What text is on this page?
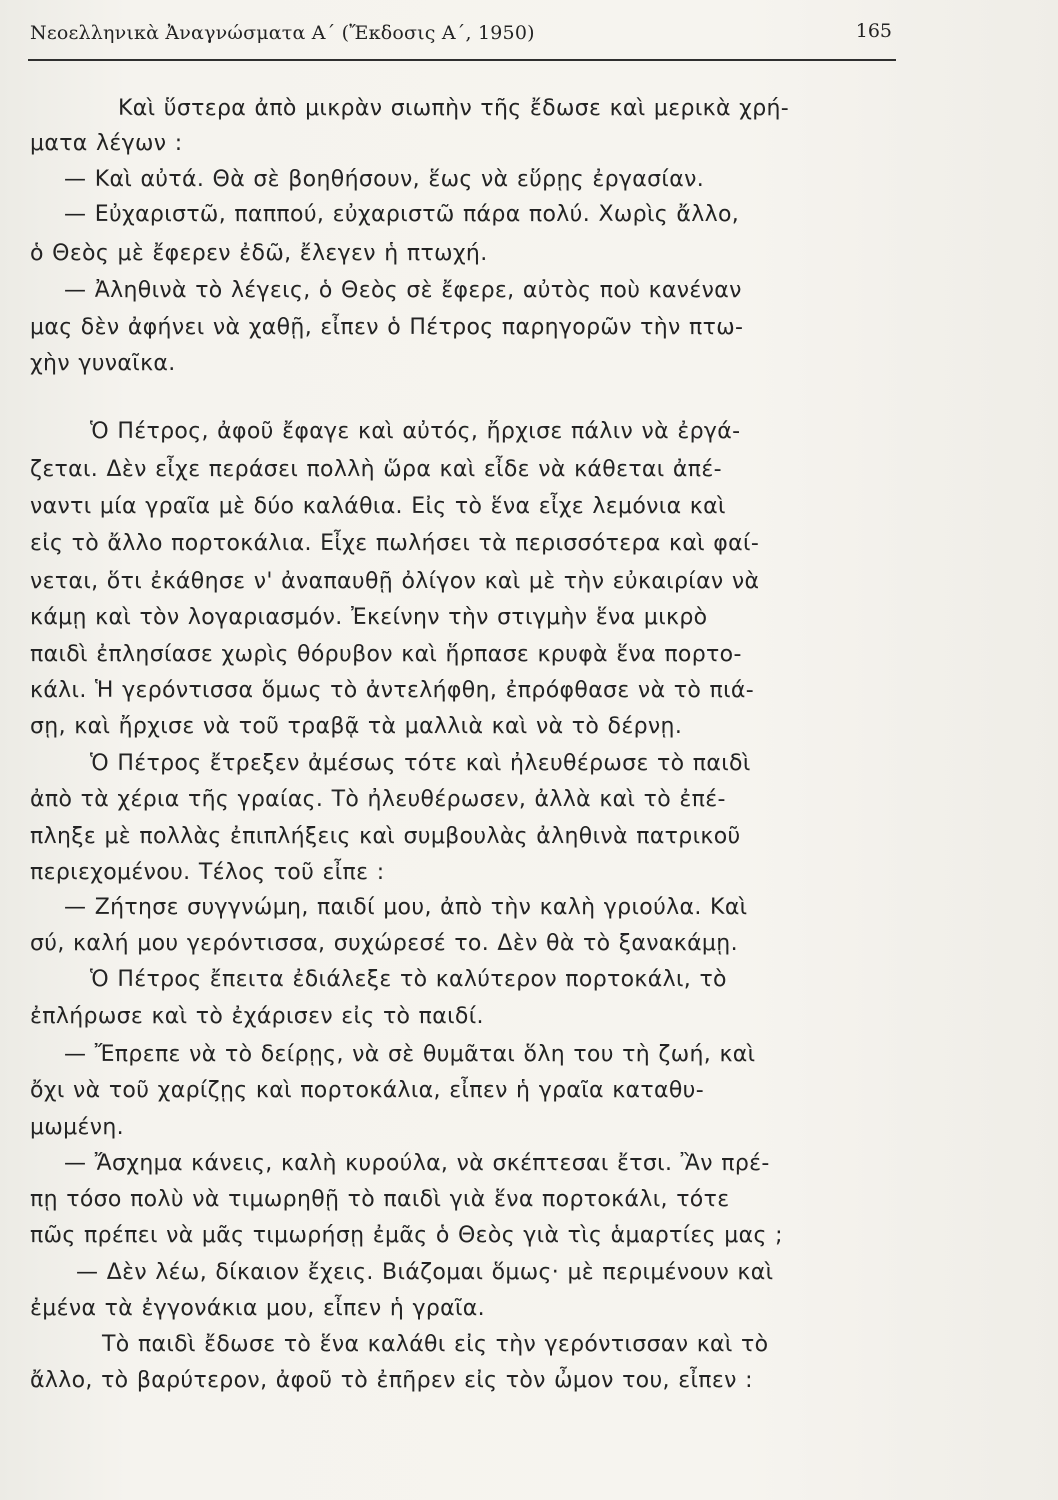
Νεοελληνικὰ Ἀναγνώσματα Α΄ (Ἔκδοσις Α΄, 1950)	165
Καὶ ὕστερα ἀπὸ μικρὰν σιωπὴν τῆς ἔδωσε καὶ μερικὰ χρή-
ματα λέγων :
— Καὶ αὐτά. Θὰ σὲ βοηθήσουν, ἕως νὰ εὕρῃς ἐργασίαν.
— Εὐχαριστῶ, παππού, εὐχαριστῶ πάρα πολύ. Χωρὶς ἄλλο,
ὁ Θεὸς μὲ ἔφερεν ἐδῶ, ἔλεγεν ἡ πτωχή.
— Ἀληθινὰ τὸ λέγεις, ὁ Θεὸς σὲ ἔφερε, αὐτὸς ποὺ κανέναν
μας δὲν ἀφήνει νὰ χαθῇ, εἶπεν ὁ Πέτρος παρηγορῶν τὴν πτω-
χὴν γυναῖκα.
Ὁ Πέτρος, ἀφοῦ ἔφαγε καὶ αὐτός, ἤρχισε πάλιν νὰ ἐργά-
ζεται. Δὲν εἶχε περάσει πολλὴ ὥρα καὶ εἶδε νὰ κάθεται ἀπέ-
ναντι μία γραῖα μὲ δύο καλάθια. Εἰς τὸ ἕνα εἶχε λεμόνια καὶ
εἰς τὸ ἄλλο πορτοκάλια. Εἶχε πωλήσει τὰ περισσότερα καὶ φαί-
νεται, ὅτι ἐκάθησε ν' ἀναπαυθῇ ὀλίγον καὶ μὲ τὴν εὐκαιρίαν νὰ
κάμῃ καὶ τὸν λογαριασμόν. Ἐκείνην τὴν στιγμὴν ἕνα μικρὸ
παιδὶ ἐπλησίασε χωρὶς θόρυβον καὶ ἥρπασε κρυφὰ ἕνα πορτο-
κάλι. Ἡ γερόντισσα ὅμως τὸ ἀντελήφθη, ἐπρόφθασε νὰ τὸ πιά-
σῃ, καὶ ἤρχισε νὰ τοῦ τραβᾷ τὰ μαλλιὰ καὶ νὰ τὸ δέρνῃ.
Ὁ Πέτρος ἔτρεξεν ἀμέσως τότε καὶ ἠλευθέρωσε τὸ παιδὶ
ἀπὸ τὰ χέρια τῆς γραίας. Τὸ ἠλευθέρωσεν, ἀλλὰ καὶ τὸ ἐπέ-
πληξε μὲ πολλὰς ἐπιπλήξεις καὶ συμβουλὰς ἀληθινὰ πατρικοῦ
περιεχομένου. Τέλος τοῦ εἶπε :
— Ζήτησε συγγνώμη, παιδί μου, ἀπὸ τὴν καλὴ γριούλα. Καὶ
σύ, καλή μου γερόντισσα, συχώρεσέ το. Δὲν θὰ τὸ ξανακάμῃ.
Ὁ Πέτρος ἔπειτα ἐδιάλεξε τὸ καλύτερον πορτοκάλι, τὸ
ἐπλήρωσε καὶ τὸ ἐχάρισεν εἰς τὸ παιδί.
— Ἔπρεπε νὰ τὸ δείρῃς, νὰ σὲ θυμᾶται ὅλη του τὴ ζωή, καὶ
ὄχι νὰ τοῦ χαρίζῃς καὶ πορτοκάλια, εἶπεν ἡ γραῖα καταθυ-
μωμένη.
— Ἄσχημα κάνεις, καλὴ κυρούλα, νὰ σκέπτεσαι ἔτσι. Ἂν πρέ-
πῃ τόσο πολὺ νὰ τιμωρηθῇ τὸ παιδὶ γιὰ ἕνα πορτοκάλι, τότε
πῶς πρέπει νὰ μᾶς τιμωρήσῃ ἐμᾶς ὁ Θεὸς γιὰ τὶς ἁμαρτίες μας ;
— Δὲν λέω, δίκαιον ἔχεις. Βιάζομαι ὅμως· μὲ περιμένουν καὶ
ἐμένα τὰ ἐγγονάκια μου, εἶπεν ἡ γραῖα.
Τὸ παιδὶ ἔδωσε τὸ ἕνα καλάθι εἰς τὴν γερόντισσαν καὶ τὸ
ἄλλο, τὸ βαρύτερον, ἀφοῦ τὸ ἐπῆρεν εἰς τὸν ὦμον του, εἶπεν :
